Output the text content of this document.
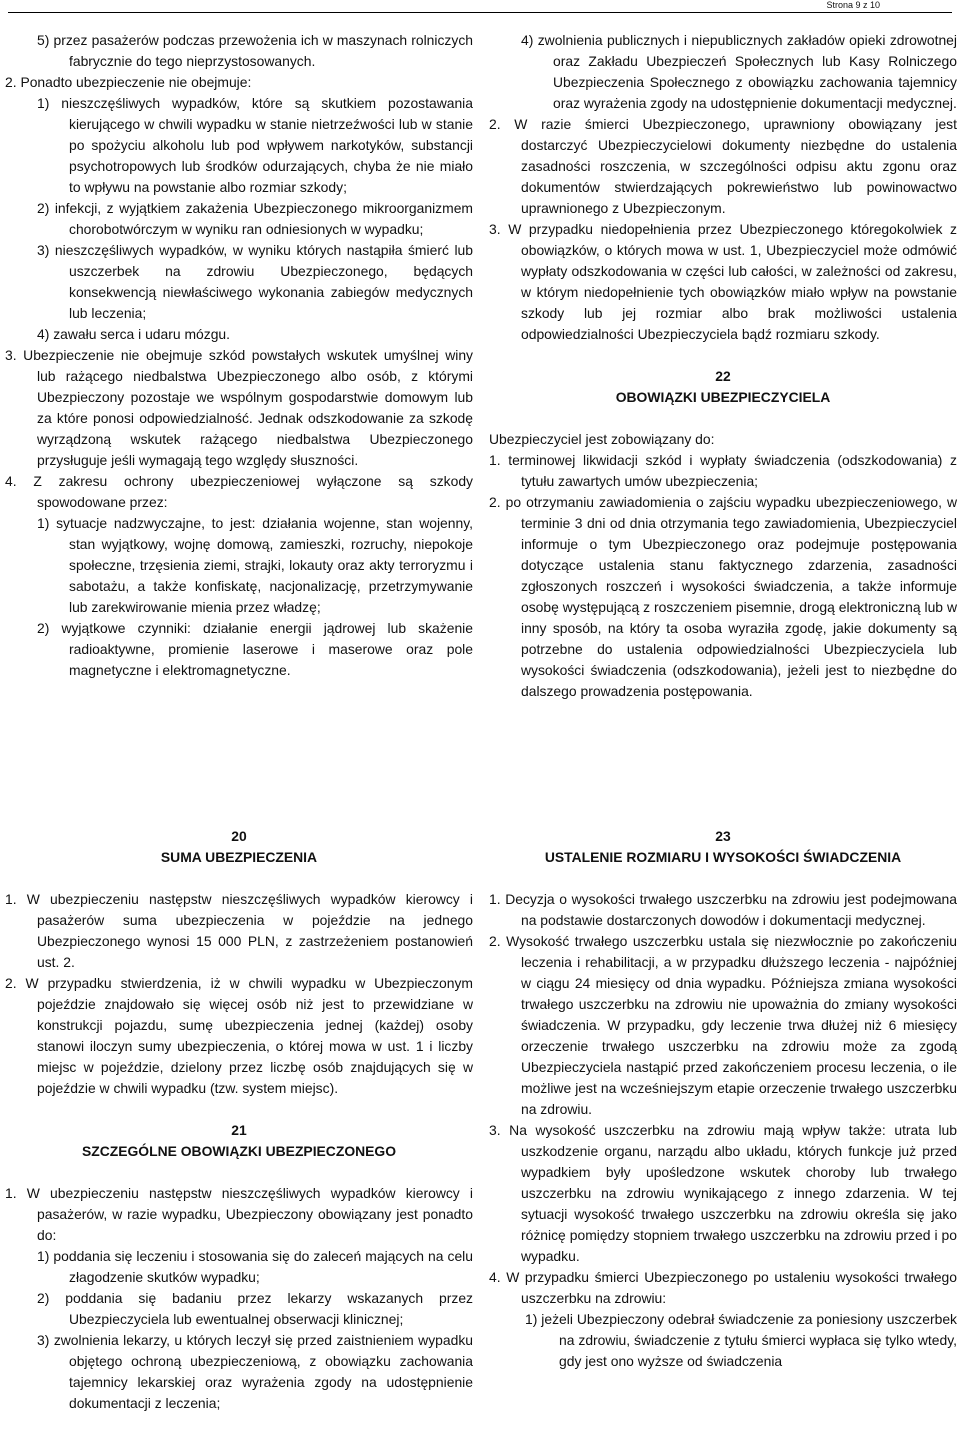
Strona 9 z 10

5) przez pasażerów podczas przewożenia ich w maszynach rolniczych fabrycznie do tego nieprzystosowanych.

2. Ponadto ubezpieczenie nie obejmuje:

1) nieszczęśliwych wypadków, które są skutkiem pozostawania kierującego w chwili wypadku w stanie nietrzeźwości lub w stanie po spożyciu alkoholu lub pod wpływem narkotyków, substancji psychotropowych lub środków odurzających, chyba że nie miało to wpływu na powstanie albo rozmiar szkody;

2) infekcji, z wyjątkiem zakażenia Ubezpieczonego mikroorganizmem chorobotwórczym w wyniku ran odniesionych w wypadku;

3) nieszczęśliwych wypadków, w wyniku których nastąpiła śmierć lub uszczerbek na zdrowiu Ubezpieczonego, będących konsekwencją niewłaściwego wykonania zabiegów medycznych lub leczenia;

4) zawału serca i udaru mózgu.

3. Ubezpieczenie nie obejmuje szkód powstałych wskutek umyślnej winy lub rażącego niedbalstwa Ubezpieczonego albo osób, z którymi Ubezpieczony pozostaje we wspólnym gospodarstwie domowym lub za które ponosi odpowiedzialność. Jednak odszkodowanie za szkodę wyrządzoną wskutek rażącego niedbalstwa Ubezpieczonego przysługuje jeśli wymagają tego względy słuszności.

4. Z zakresu ochrony ubezpieczeniowej wyłączone są szkody spowodowane przez:

1) sytuacje nadzwyczajne, to jest: działania wojenne, stan wojenny, stan wyjątkowy, wojnę domową, zamieszki, rozruchy, niepokoje społeczne, trzęsienia ziemi, strajki, lokauty oraz akty terroryzmu i sabotażu, a także konfiskatę, nacjonalizację, przetrzymywanie lub zarekwirowanie mienia przez władzę;

2) wyjątkowe czynniki: działanie energii jądrowej lub skażenie radioaktywne, promienie laserowe i maserowe oraz pole magnetyczne i elektromagnetyczne.

4) zwolnienia publicznych i niepublicznych zakładów opieki zdrowotnej oraz Zakładu Ubezpieczeń Społecznych lub Kasy Rolniczego Ubezpieczenia Społecznego z obowiązku zachowania tajemnicy oraz wyrażenia zgody na udostępnienie dokumentacji medycznej.

2. W razie śmierci Ubezpieczonego, uprawniony obowiązany jest dostarczyć Ubezpieczycielowi dokumenty niezbędne do ustalenia zasadności roszczenia, w szczególności odpisu aktu zgonu oraz dokumentów stwierdzających pokrewieństwo lub powinowactwo uprawnionego z Ubezpieczonym.

3. W przypadku niedopełnienia przez Ubezpieczonego któregokolwiek z obowiązków, o których mowa w ust. 1, Ubezpieczyciel może odmówić wypłaty odszkodowania w części lub całości, w zależności od zakresu, w którym niedopełnienie tych obowiązków miało wpływ na powstanie szkody lub jej rozmiar albo brak możliwości ustalenia odpowiedzialności Ubezpieczyciela bądź rozmiaru szkody.

22
OBOWIĄZKI UBEZPIECZYCIELA

Ubezpieczyciel jest zobowiązany do:

1. terminowej likwidacji szkód i wypłaty świadczenia (odszkodowania) z tytułu zawartych umów ubezpieczenia;

2. po otrzymaniu zawiadomienia o zajściu wypadku ubezpieczeniowego, w terminie 3 dni od dnia otrzymania tego zawiadomienia, Ubezpieczyciel informuje o tym Ubezpieczonego oraz podejmuje postępowania dotyczące ustalenia stanu faktycznego zdarzenia, zasadności zgłoszonych roszczeń i wysokości świadczenia, a także informuje osobę występującą z roszczeniem pisemnie, drogą elektroniczną lub w inny sposób, na który ta osoba wyraziła zgodę, jakie dokumenty są potrzebne do ustalenia odpowiedzialności Ubezpieczyciela lub wysokości świadczenia (odszkodowania), jeżeli jest to niezbędne do dalszego prowadzenia postępowania.

20
SUMA UBEZPIECZENIA

1. W ubezpieczeniu następstw nieszczęśliwych wypadków kierowcy i pasażerów suma ubezpieczenia w pojeździe na jednego Ubezpieczonego wynosi 15 000 PLN, z zastrzeżeniem postanowień ust. 2.

2. W przypadku stwierdzenia, iż w chwili wypadku w Ubezpieczonym pojeździe znajdowało się więcej osób niż jest to przewidziane w konstrukcji pojazdu, sumę ubezpieczenia jednej (każdej) osoby stanowi iloczyn sumy ubezpieczenia, o której mowa w ust. 1 i liczby miejsc w pojeździe, dzielony przez liczbę osób znajdujących się w pojeździe w chwili wypadku (tzw. system miejsc).

21
SZCZEGÓLNE OBOWIĄZKI UBEZPIECZONEGO

1. W ubezpieczeniu następstw nieszczęśliwych wypadków kierowcy i pasażerów, w razie wypadku, Ubezpieczony obowiązany jest ponadto do:

1) poddania się leczeniu i stosowania się do zaleceń mających na celu złagodzenie skutków wypadku;

2) poddania się badaniu przez lekarzy wskazanych przez Ubezpieczyciela lub ewentualnej obserwacji klinicznej;

3) zwolnienia lekarzy, u których leczył się przed zaistnieniem wypadku objętego ochroną ubezpieczeniową, z obowiązku zachowania tajemnicy lekarskiej oraz wyrażenia zgody na udostępnienie dokumentacji z leczenia;

23
USTALENIE ROZMIARU I WYSOKOŚCI ŚWIADCZENIA

1. Decyzja o wysokości trwałego uszczerbku na zdrowiu jest podejmowana na podstawie dostarczonych dowodów i dokumentacji medycznej.

2. Wysokość trwałego uszczerbku ustala się niezwłocznie po zakończeniu leczenia i rehabilitacji, a w przypadku dłuższego leczenia - najpóźniej w ciągu 24 miesięcy od dnia wypadku. Późniejsza zmiana wysokości trwałego uszczerbku na zdrowiu nie upoważnia do zmiany wysokości świadczenia. W przypadku, gdy leczenie trwa dłużej niż 6 miesięcy orzeczenie trwałego uszczerbku na zdrowiu może za zgodą Ubezpieczyciela nastąpić przed zakończeniem procesu leczenia, o ile możliwe jest na wcześniejszym etapie orzeczenie trwałego uszczerbku na zdrowiu.

3. Na wysokość uszczerbku na zdrowiu mają wpływ także: utrata lub uszkodzenie organu, narządu albo układu, których funkcje już przed wypadkiem były upośledzone wskutek choroby lub trwałego uszczerbku na zdrowiu wynikającego z innego zdarzenia. W tej sytuacji wysokość trwałego uszczerbku na zdrowiu określa się jako różnicę pomiędzy stopniem trwałego uszczerbku na zdrowiu przed i po wypadku.

4. W przypadku śmierci Ubezpieczonego po ustaleniu wysokości trwałego uszczerbku na zdrowiu:

1) jeżeli Ubezpieczony odebrał świadczenie za poniesiony uszczerbek na zdrowiu, świadczenie z tytułu śmierci wypłaca się tylko wtedy, gdy jest ono wyższe od świadczenia
